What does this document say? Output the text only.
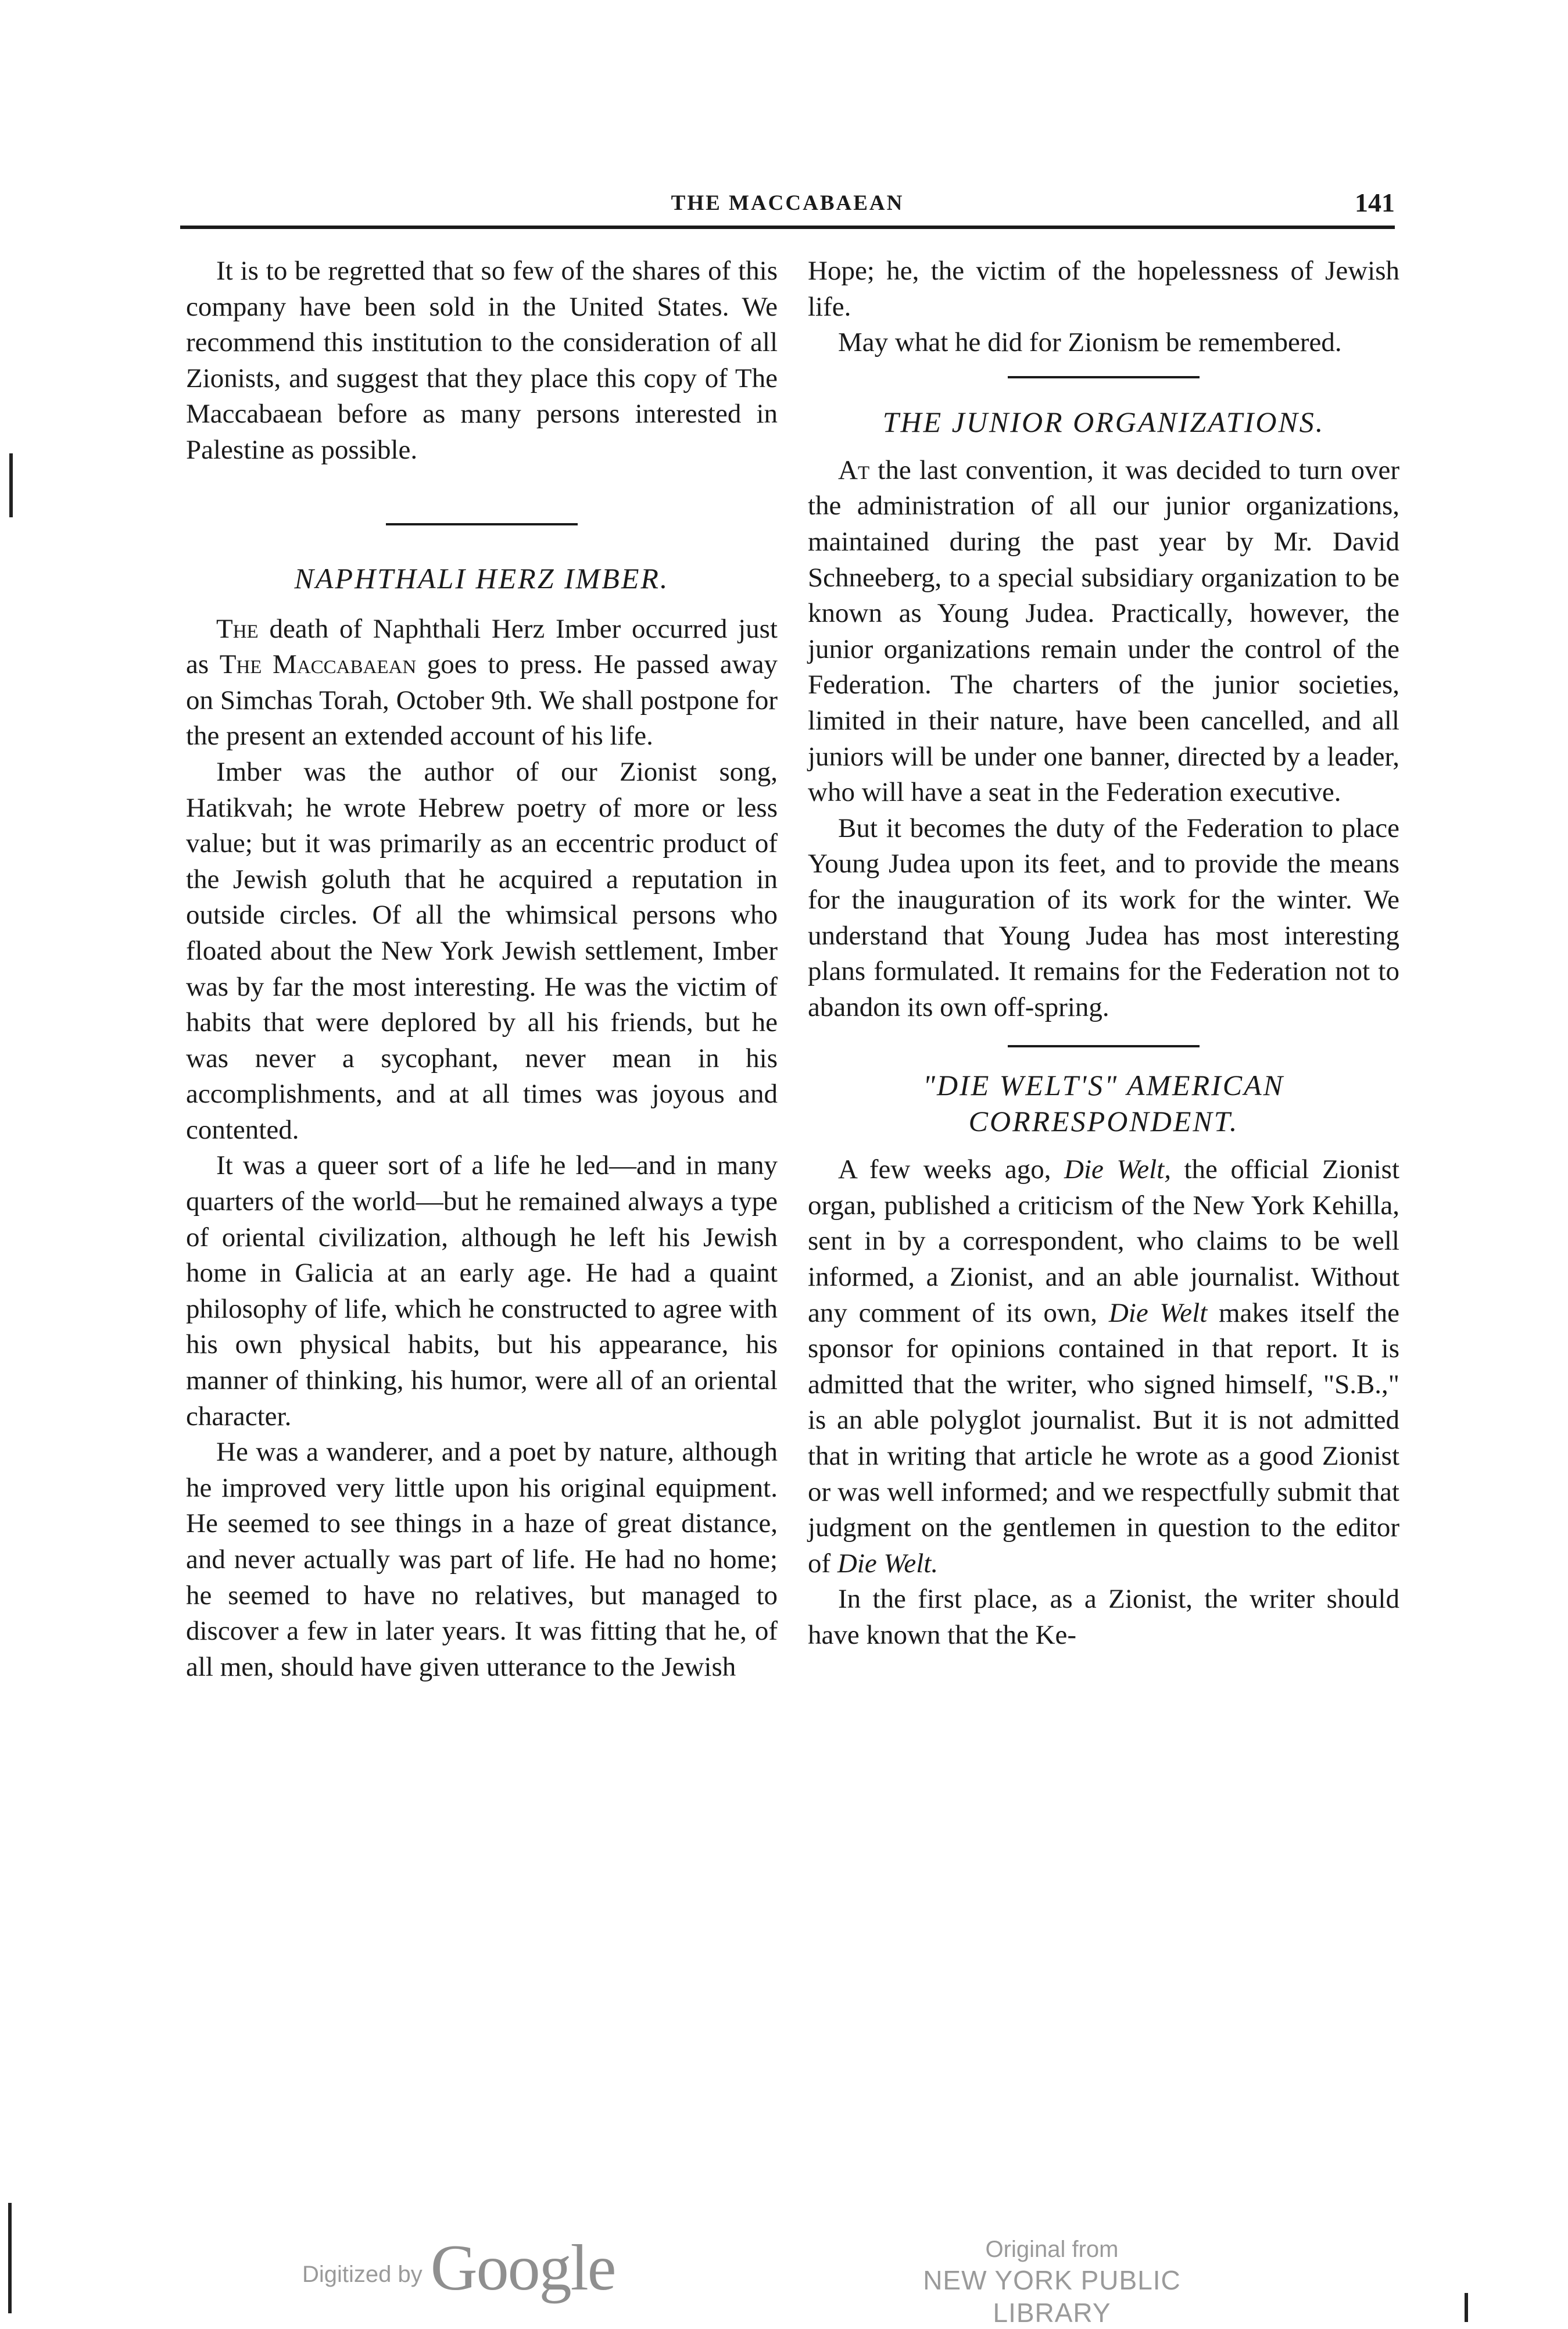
THE MACCABAEAN	141

It is to be regretted that so few of the shares of this company have been sold in the United States. We recommend this institution to the consideration of all Zionists, and suggest that they place this copy of The Maccabaean before as many persons interested in Palestine as possible.

NAPHTHALI HERZ IMBER.

The death of Naphthali Herz Imber occurred just as The Maccabaean goes to press. He passed away on Simchas Torah, October 9th. We shall postpone for the present an extended account of his life.

Imber was the author of our Zionist song, Hatikvah; he wrote Hebrew poetry of more or less value; but it was primarily as an eccentric product of the Jewish goluth that he acquired a reputation in outside circles. Of all the whimsical persons who floated about the New York Jewish settlement, Imber was by far the most interesting. He was the victim of habits that were deplored by all his friends, but he was never a sycophant, never mean in his accomplishments, and at all times was joyous and contented.

It was a queer sort of a life he led—and in many quarters of the world—but he remained always a type of oriental civilization, although he left his Jewish home in Galicia at an early age. He had a quaint philosophy of life, which he constructed to agree with his own physical habits, but his appearance, his manner of thinking, his humor, were all of an oriental character.

He was a wanderer, and a poet by nature, although he improved very little upon his original equipment. He seemed to see things in a haze of great distance, and never actually was part of life. He had no home; he seemed to have no relatives, but managed to discover a few in later years. It was fitting that he, of all men, should have given utterance to the Jewish

Hope; he, the victim of the hopelessness of Jewish life.

May what he did for Zionism be remembered.

THE JUNIOR ORGANIZATIONS.

At the last convention, it was decided to turn over the administration of all our junior organizations, maintained during the past year by Mr. David Schneeberg, to a special subsidiary organization to be known as Young Judea. Practically, however, the junior organizations remain under the control of the Federation. The charters of the junior societies, limited in their nature, have been cancelled, and all juniors will be under one banner, directed by a leader, who will have a seat in the Federation executive.

But it becomes the duty of the Federation to place Young Judea upon its feet, and to provide the means for the inauguration of its work for the winter. We understand that Young Judea has most interesting plans formulated. It remains for the Federation not to abandon its own off-spring.

"DIE WELT'S" AMERICAN CORRESPONDENT.

A few weeks ago, Die Welt, the official Zionist organ, published a criticism of the New York Kehilla, sent in by a correspondent, who claims to be well informed, a Zionist, and an able journalist. Without any comment of its own, Die Welt makes itself the sponsor for opinions contained in that report. It is admitted that the writer, who signed himself, "S.B.," is an able polyglot journalist. But it is not admitted that in writing that article he wrote as a good Zionist or was well informed; and we respectfully submit that judgment on the gentlemen in question to the editor of Die Welt.

In the first place, as a Zionist, the writer should have known that the Ke-

Digitized by Google	Original from
NEW YORK PUBLIC LIBRARY
